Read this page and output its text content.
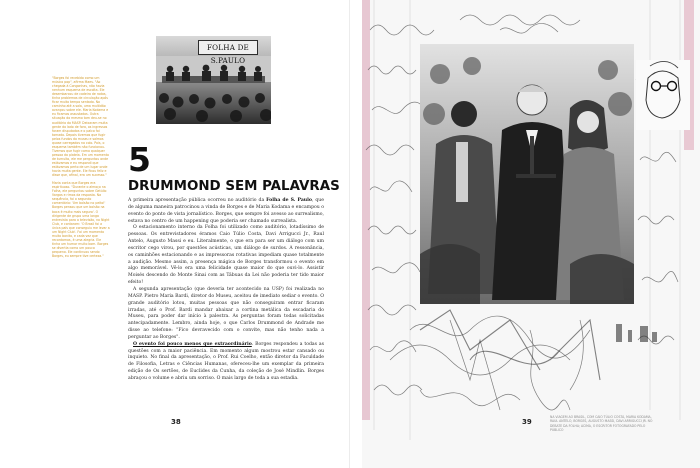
"Borges foi recebido como um músico pop", afirma Maes. "Ao chegada à Congonhas, não havia nenhum esquema de escolta. Ele desembarcou de cadeira de rodas, tinha problemas de circulação após ficar muito tempo sentado. No caminho até a sala, uma multidão avançou sobre ele. Maria Kodama e eu ficamos assustados. Outra situação do mesmo tom deu-se no auditório do MASP. Deixaram muita gente do lado de fora, os ingressos foram disputados e o palco foi tomado. Depois tivemos que fugir pelos fundos do museu e saímos quase carregados no colo. Pois, o esquema também não funcionou. Tivemos que fugir como qualquer pessoa da plateia. Em um momento de tumulto, ele me perguntou onde estávamos e eu respondi que estávamos perto de um lugar onde havia muita gente. Ele ficou feliz e disse que, afinal, era um sucesso."

Maria conta que Borges era espirituoso. "Durante o almoço na Folha, ele perguntou sobre Getúlio Vargas e rimos da resposta. Na sequência, foi o segundo comentário: 'Um bolsão no peito!' Borges pensou que um bolsão na boca é muito mais seguro'. O dirigente de grupo uma longa entrevista para a televisão, no Night Club, e contaram: 'O Brasil foi a única país que conseguiu me levar a um Night Club'. Foi um momento muito bonito, e cada vez que recordamos, é uma alegria. Ele tinha um humor muito bom. Borges se divertia como um pouco pequeno. Ele continuou sendo Borges, eu sempre tive certeza."

FOLHA DE S.PAULO
5
DRUMMOND SEM PALAVRAS

A primeira apresentação pública ocorreu no auditório da Folha de S. Paulo, que de alguma maneira patrocinou a vinda de Borges e de Maria Kodama e encampou o evento do ponto de vista jornalístico. Borges, que sempre foi avesso ao surrealismo, estava no centro de um happening que poderia ser chamado surrealista.

O estacionamento interno da Folha foi utilizado como auditório, lotadíssimo de pessoas. Os entrevistadores éramos Caio Túlio Costa, Davi Arrigucci Jr., Raul Antelo, Augusto Massi e eu. Literalmente, o que era para ser um diálogo com um escritor cego virou, por questões acústicas, um diálogo de surdos. A ressonância, os caminhões estacionando e as impressoras rotativas impediam quase totalmente a audição. Mesmo assim, a presença mágica de Borges transformou o evento em algo memorável. Vê-lo era uma felicidade quase maior do que ouvi-lo. Assistir Moisés descendo do Monte Sinai com as Tábuas da Lei não poderia ter tido maior efeito!

A segunda apresentação (que deveria ter acontecido na USP) foi realizada no MASP. Pietro Maria Bardi, diretor do Museu, aceitou de imediato sediar o evento. O grande auditório lotou, muitas pessoas que não conseguiram entrar ficaram irradas, até o Prof. Bardi mandar abaixar a cortina metálica da escadaria do Museu, para poder dar início à palestra. As perguntas foram todas solicitadas antecipadamente. Lembro, ainda hoje, o que Carlos Drummond de Andrade me disse ao telefone: "Fico devravecido com o convite, mas não tenho nada a perguntar ao Borges".

O evento foi pouco menos que extraordinário. Borges respondeu a todas as questões com a maior paciência. Em momento algum mostrou estar cansado ou inquieto. No final da apresentação, o Prof. Rui Coelho, então diretor da Faculdade de Filosofia, Letras e Ciências Humanas, ofereceu-lhe um exemplar da primeira edição de Os sertões, de Euclides da Cunha, da coleção de José Mindlin. Borges abraçou o volume e abriu um sorriso. O mais largo de toda a sua estadia.

38	39
NA VIAGEM AO BRASIL, COM CAIO TÚLIO COSTA, MARIA KODAMA, RAUL ANTELO, BORGES, AUGUSTO MASSI, DAVI ARRIGUCCI JR. NO DEBATE DA FOLHA; ACIMA, O ESCRITOR FOTOGRAFADO PELO PÚBLICO
